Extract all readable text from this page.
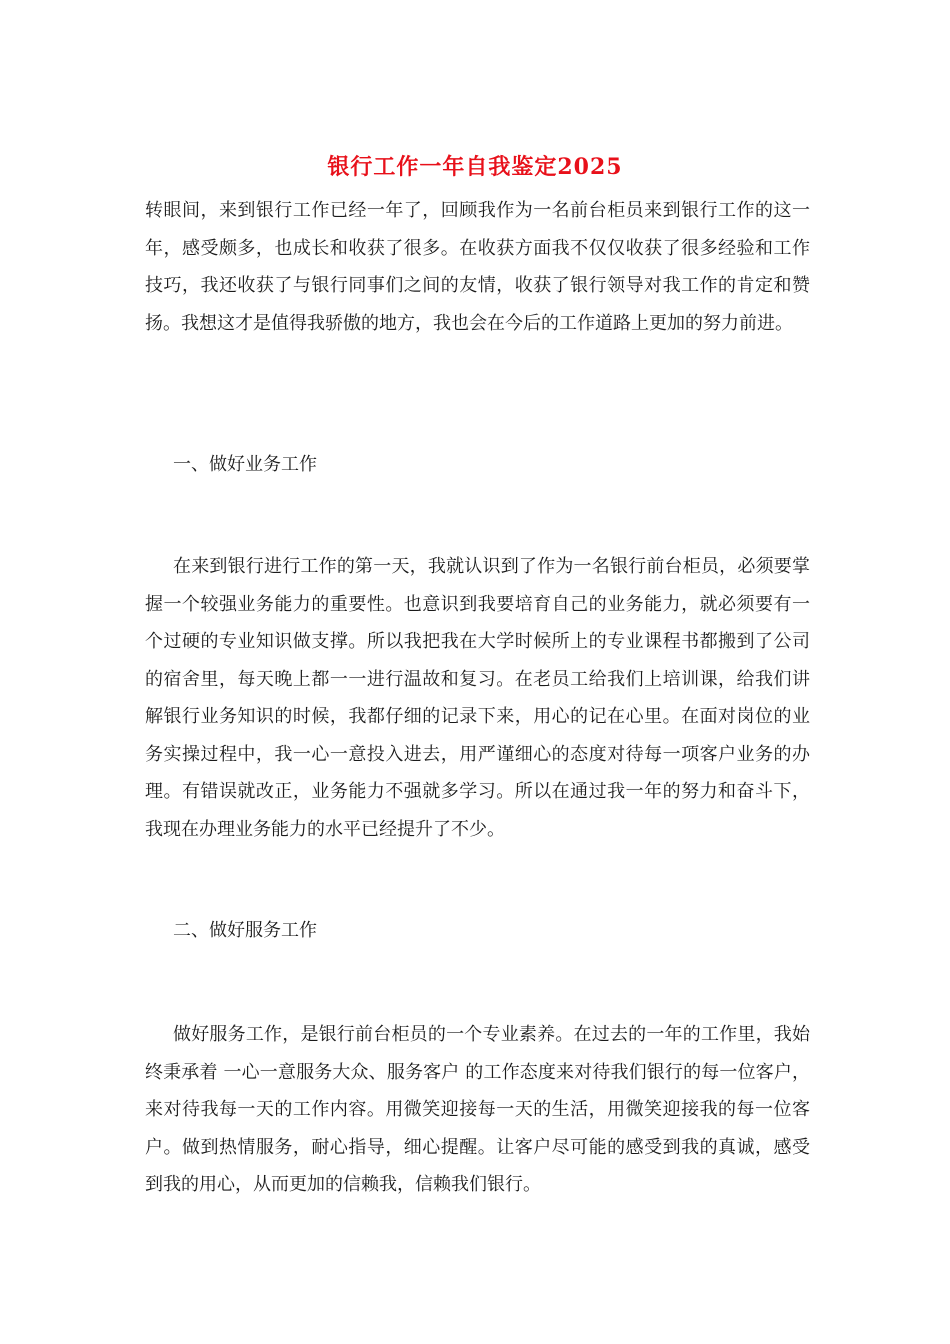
银行工作一年自我鉴定2025

转眼间，来到银行工作已经一年了，回顾我作为一名前台柜员来到银行工作的这一年，感受颇多，也成长和收获了很多。在收获方面我不仅仅收获了很多经验和工作技巧，我还收获了与银行同事们之间的友情，收获了银行领导对我工作的肯定和赞扬。我想这才是值得我骄傲的地方，我也会在今后的工作道路上更加的努力前进。

一、做好业务工作

在来到银行进行工作的第一天，我就认识到了作为一名银行前台柜员，必须要掌握一个较强业务能力的重要性。也意识到我要培育自己的业务能力，就必须要有一个过硬的专业知识做支撑。所以我把我在大学时候所上的专业课程书都搬到了公司的宿舍里，每天晚上都一一进行温故和复习。在老员工给我们上培训课，给我们讲解银行业务知识的时候，我都仔细的记录下来，用心的记在心里。在面对岗位的业务实操过程中，我一心一意投入进去，用严谨细心的态度对待每一项客户业务的办理。有错误就改正，业务能力不强就多学习。所以在通过我一年的努力和奋斗下，我现在办理业务能力的水平已经提升了不少。

二、做好服务工作

做好服务工作，是银行前台柜员的一个专业素养。在过去的一年的工作里，我始终秉承着 一心一意服务大众、服务客户 的工作态度来对待我们银行的每一位客户，来对待我每一天的工作内容。用微笑迎接每一天的生活，用微笑迎接我的每一位客户。做到热情服务，耐心指导，细心提醒。让客户尽可能的感受到我的真诚，感受到我的用心，从而更加的信赖我，信赖我们银行。
